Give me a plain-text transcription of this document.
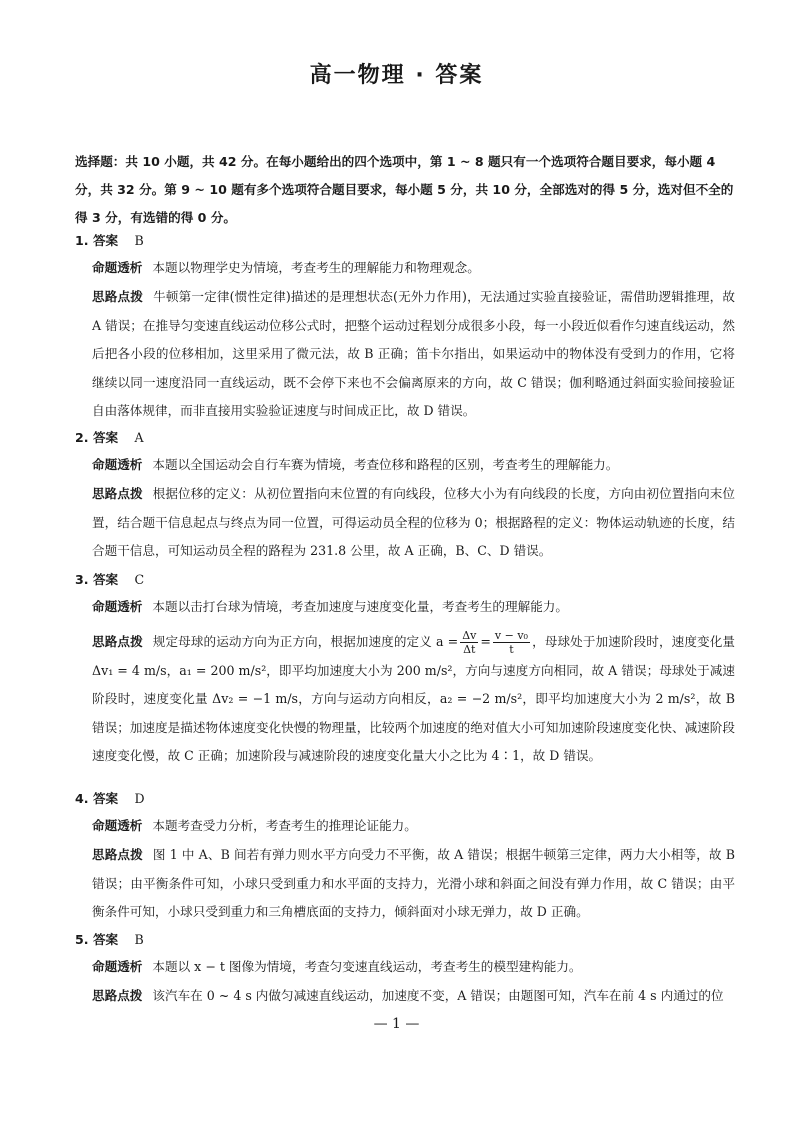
高一物理 · 答案
选择题：共 10 小题，共 42 分。在每小题给出的四个选项中，第 1 ~ 8 题只有一个选项符合题目要求，每小题 4 分，共 32 分。第 9 ~ 10 题有多个选项符合题目要求，每小题 5 分，共 10 分，全部选对的得 5 分，选对但不全的得 3 分，有选错的得 0 分。
1. 答案 B
命题透析 本题以物理学史为情境，考查考生的理解能力和物理观念。
思路点拨 牛顿第一定律(惯性定律)描述的是理想状态(无外力作用)，无法通过实验直接验证，需借助逻辑推理，故 A 错误；在推导匀变速直线运动位移公式时，把整个运动过程划分成很多小段，每一小段近似看作匀速直线运动，然后把各小段的位移相加，这里采用了微元法，故 B 正确；笛卡尔指出，如果运动中的物体没有受到力的作用，它将继续以同一速度沿同一直线运动，既不会停下来也不会偏离原来的方向，故 C 错误；伽利略通过斜面实验间接验证自由落体规律，而非直接用实验验证速度与时间成正比，故 D 错误。
2. 答案 A
命题透析 本题以全国运动会自行车赛为情境，考查位移和路程的区别，考查考生的理解能力。
思路点拨 根据位移的定义：从初位置指向末位置的有向线段，位移大小为有向线段的长度，方向由初位置指向末位置，结合题干信息起点与终点为同一位置，可得运动员全程的位移为 0；根据路程的定义：物体运动轨迹的长度，结合题干信息，可知运动员全程的路程为 231.8 公里，故 A 正确，B、C、D 错误。
3. 答案 C
命题透析 本题以击打台球为情境，考查加速度与速度变化量，考查考生的理解能力。
思路点拨 规定母球的运动方向为正方向，根据加速度的定义 $a = \frac{\Delta v}{\Delta t} = \frac{\text{v − v₀}}{t}$ ，母球处于加速阶段时，速度变化量 Δv₁ = 4 m/s，a₁ = 200 m/s²，即平均加速度大小为 200 m/s²，方向与速度方向相同，故 A 错误；母球处于减速阶段时，速度变化量 Δv₂ = −1 m/s，方向与运动方向相反，a₂ = −2 m/s²，即平均加速度大小为 2 m/s²，故 B 错误；加速度是描述物体速度变化快慢的物理量，比较两个加速度的绝对值大小可知加速阶段速度变化快、减速阶段速度变化慢，故 C 正确；加速阶段与减速阶段的速度变化量大小之比为 4∶1，故 D 错误。
4. 答案 D
命题透析 本题考查受力分析，考查考生的推理论证能力。
思路点拨 图 1 中 A、B 间若有弹力则水平方向受力不平衡，故 A 错误；根据牛顿第三定律，两力大小相等，故 B 错误；由平衡条件可知，小球只受到重力和水平面的支持力，光滑小球和斜面之间没有弹力作用，故 C 错误；由平衡条件可知，小球只受到重力和三角槽底面的支持力，倾斜面对小球无弹力，故 D 正确。
5. 答案 B
命题透析 本题以 x − t 图像为情境，考查匀变速直线运动，考查考生的模型建构能力。
思路点拨 该汽车在 0 ~ 4 s 内做匀减速直线运动，加速度不变，A 错误；由题图可知，汽车在前 4 s 内通过的位
— 1 —
